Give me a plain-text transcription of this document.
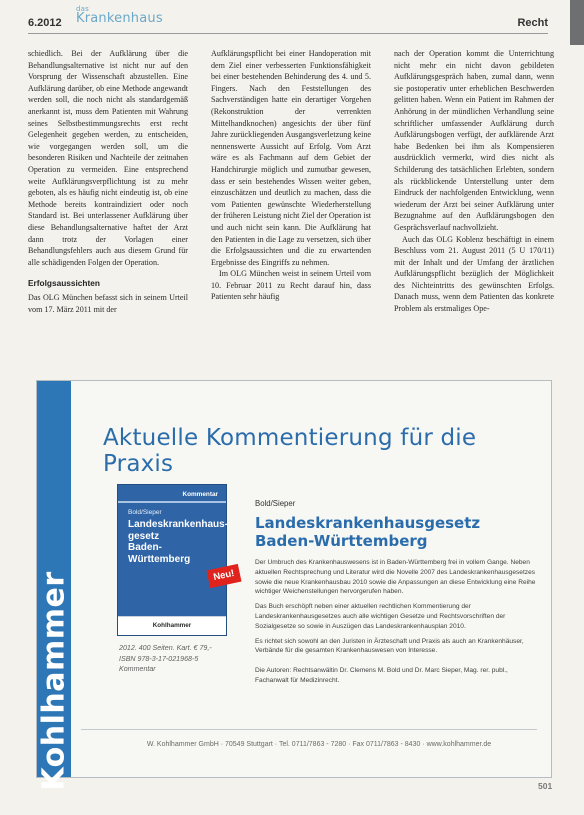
6.2012
das
Krankenhaus	Recht

schiedlich. Bei der Aufklärung über die Behandlungsalternative ist nicht nur auf den Vorsprung der Wissenschaft abzustellen. Eine Aufklärung darüber, ob eine Methode angewandt werden soll, die noch nicht als standardgemäß anerkannt ist, muss dem Patienten mit Wahrung seines Selbstbestimmungsrechts erst recht Gelegenheit gegeben werden, zu entscheiden, wie vorgegangen werden soll, um die besonderen Risiken und Nachteile der zeitnahen Operation zu vermeiden. Eine entsprechend weite Aufklärungsverpflichtung ist zu mehr geboten, als es häufig nicht eindeutig ist, ob eine Methode bereits kontraindiziert oder noch Standard ist. Bei unterlassener Aufklärung über diese Behandlungsalternative haftet der Arzt dann trotz der Vorlagen einer Behandlungsfehlers auch aus diesem Grund für alle schädigenden Folgen der Operation.

Erfolgsaussichten

Das OLG München befasst sich in seinem Urteil vom 17. März 2011 mit der

Aufklärungspflicht bei einer Handoperation mit dem Ziel einer verbesserten Funktionsfähigkeit bei einer bestehenden Behinderung des 4. und 5. Fingers. Nach den Feststellungen des Sachverständigen hatte ein derartiger Vorgehen (Rekonstruktion der verrenkten Mittelhandknochen) angesichts der über fünf Jahre zurückliegenden Ausgangsverletzung keine nennenswerte Aussicht auf Erfolg. Vom Arzt wäre es als Fachmann auf dem Gebiet der Handchirurgie möglich und zumutbar gewesen, dass er sein bestehendes Wissen weiter geben, einzuschätzen und deutlich zu machen, dass die vom Patienten gewünschte Wiederherstellung der früheren Leistung nicht Ziel der Operation ist und auch nicht sein kann. Die Aufklärung hat den Patienten in die Lage zu versetzen, sich über die Erfolgsaussichten und die zu erwartenden Ergebnisse des Eingriffs zu nehmen.

Im OLG München weist in seinem Urteil vom 10. Februar 2011 zu Recht darauf hin, dass Patienten sehr häufig

nach der Operation kommt die Unterrichtung nicht mehr ein nicht davon gebildeten Aufklärungsgespräch haben, zumal dann, wenn sie postoperativ unter erheblichen Beschwerden gelitten haben. Wenn ein Patient im Rahmen der Anhörung in der mündlichen Verhandlung seine schriftlicher umfassender Aufklärung durch Aufklärungsbogen verfügt, der aufklärende Arzt habe Bedenken bei ihm als Kompensieren ausdrücklich vermerkt, wird dies nicht als Schilderung des tatsächlichen Erlebten, sondern als rückblickende Unterstellung unter dem Eindruck der nachfolgenden Entwicklung, wenn wiederum der Arzt bei seiner Aufklärung unter Bezugnahme auf den Aufklärungsbogen den Gesprächsverlauf nachvollzieht.

Auch das OLG Koblenz beschäftigt in einem Beschluss vom 21. August 2011 (5 U 170/11) mit der Inhalt und der Umfang der ärztlichen Aufklärungspflicht bezüglich der Möglichkeit des Nichteintritts des gewünschten Erfolgs. Danach muss, wenn dem Patienten das konkrete Problem als erstmaliges Ope-

Kohlhammer
Aktuelle Kommentierung für die Praxis
Kommentar
Bold/Sieper
Landeskrankenhaus-
gesetz
Baden-Württemberg
Neu!
Kohlhammer
2012. 400 Seiten. Kart. € 79,-
ISBN 978-3-17-021968-5
Kommentar
Bold/Sieper
Landeskrankenhausgesetz
Baden-Württemberg

Der Umbruch des Krankenhauswesens ist in Baden-Württemberg frei in vollem Gange. Neben aktuellen Rechtsprechung und Literatur wird die Novelle 2007 des Landeskrankenhausgesetzes sowie die neue Krankenhausbau 2010 sowie die Anpassungen an diese Entwicklung eine Reihe wichtiger Weichenstellungen hervorgerufen haben.

Das Buch erschöpft neben einer aktuellen rechtlichen Kommentierung der Landeskrankenhausgesetzes auch alle wichtigen Gesetze und Rechtsvorschriften der Sozialgesetze so sowie in Auszügen das Landeskrankenhausplan 2010.

Es richtet sich sowohl an den Juristen in Ärzteschaft und Praxis als auch an Krankenhäuser, Verbände für die gesamten Krankenhauswesen von Interesse.

Die Autoren: Rechtsanwältin Dr. Clemens M. Bold und Dr. Marc Sieper, Mag. rer. publ., Fachanwalt für Medizinrecht.

W. Kohlhammer GmbH · 70549 Stuttgart · Tel. 0711/7863 - 7280 · Fax 0711/7863 - 8430 · www.kohlhammer.de
501
